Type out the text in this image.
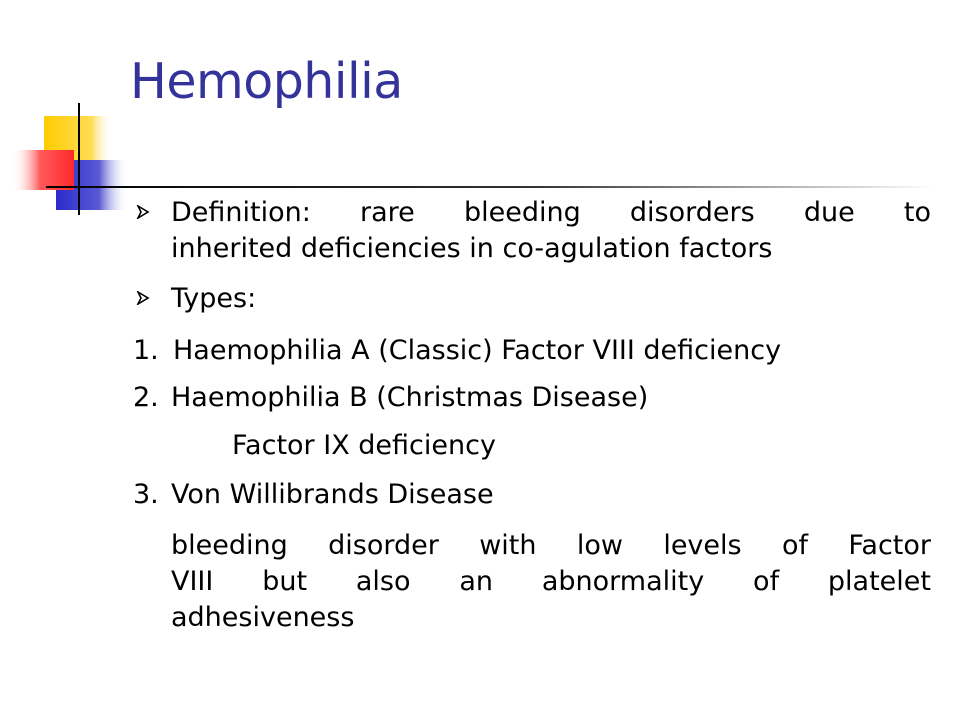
Hemophilia
Definition: rare bleeding disorders due to
inherited deficiencies in co-agulation factors
Types:
1. Haemophilia A (Classic) Factor VIII deficiency
2. Haemophilia B (Christmas Disease)
Factor IX deficiency
3. Von Willibrands Disease
bleeding disorder with low levels of Factor
VIII but also an abnormality of platelet
adhesiveness
